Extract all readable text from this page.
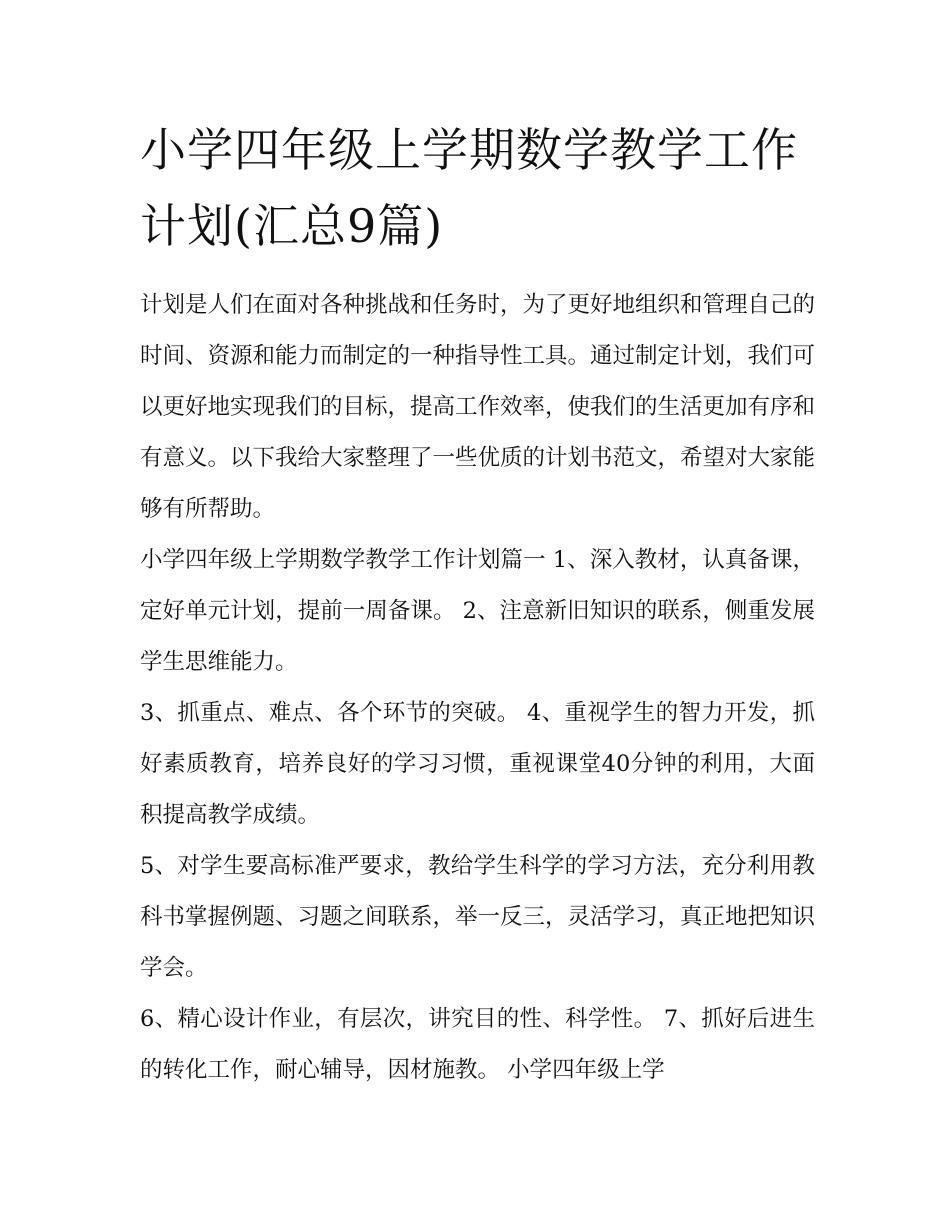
小学四年级上学期数学教学工作计划(汇总9篇)

计划是人们在面对各种挑战和任务时，为了更好地组织和管理自己的时间、资源和能力而制定的一种指导性工具。通过制定计划，我们可以更好地实现我们的目标，提高工作效率，使我们的生活更加有序和有意义。以下我给大家整理了一些优质的计划书范文，希望对大家能够有所帮助。

小学四年级上学期数学教学工作计划篇一 1、深入教材，认真备课，定好单元计划，提前一周备课。 2、注意新旧知识的联系，侧重发展学生思维能力。

3、抓重点、难点、各个环节的突破。 4、重视学生的智力开发，抓好素质教育，培养良好的学习习惯，重视课堂40分钟的利用，大面积提高教学成绩。

5、对学生要高标准严要求，教给学生科学的学习方法，充分利用教科书掌握例题、习题之间联系，举一反三，灵活学习，真正地把知识学会。

6、精心设计作业，有层次，讲究目的性、科学性。 7、抓好后进生的转化工作，耐心辅导，因材施教。 小学四年级上学
